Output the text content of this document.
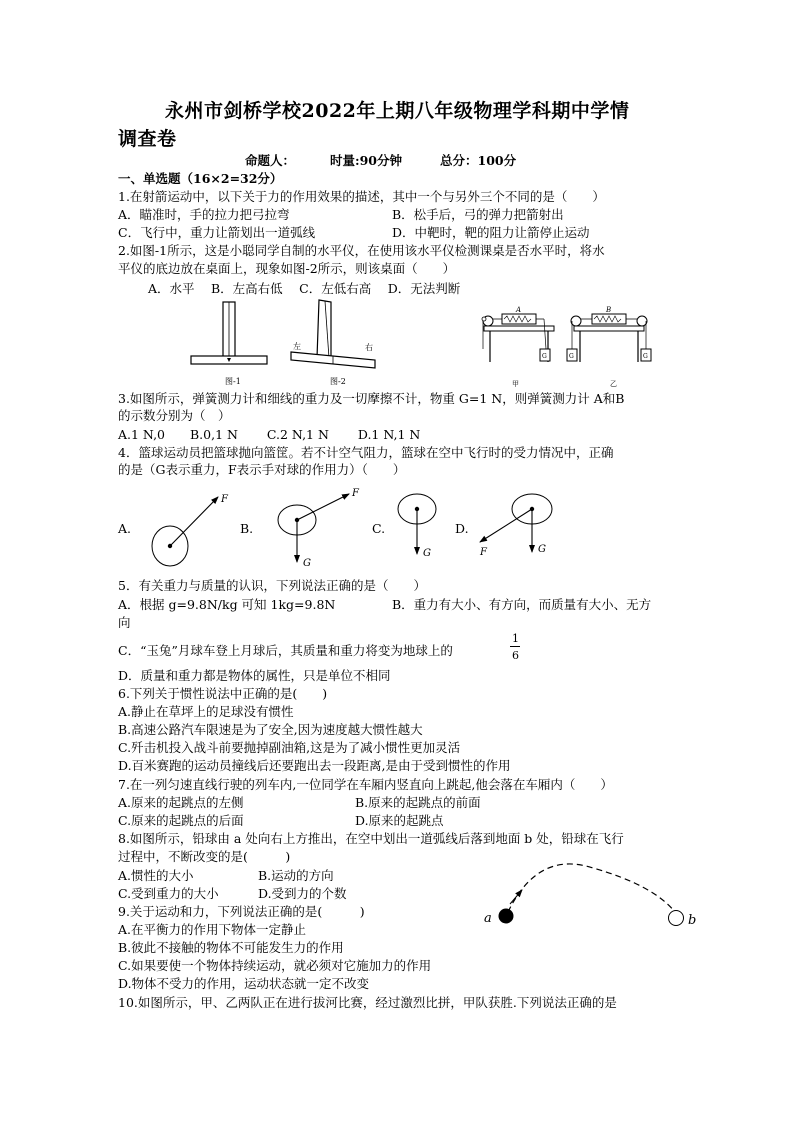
永州市剑桥学校2022年上期八年级物理学科期中学情
调查卷
命题人：	时量:90分钟	总分：100分
一、单选题（16×2=32分）
1.在射箭运动中，以下关于力的作用效果的描述，其中一个与另外三个不同的是（　　）
A．瞄准时，手的拉力把弓拉弯	B．松手后，弓的弹力把箭射出
C．飞行中，重力让箭划出一道弧线	D．中靶时，靶的阻力让箭停止运动
2.如图-1所示，这是小聪同学自制的水平仪，在使用该水平仪检测课桌是否水平时，将水
平仪的底边放在桌面上，现象如图-2所示，则该桌面（　　）
A．水平　 B．左高右低　 C．左低右高　 D．无法判断
图-1
左	右
图-2
A
G
甲
B
G	G
乙
3.如图所示，弹簧测力计和细线的重力及一切摩擦不计，物重 G=1 N，则弹簧测力计 A和B
的示数分别为（　）
A.1 N,0　　B.0,1 N　　 C.2 N,1 N　　 D.1 N,1 N
4．篮球运动员把篮球抛向篮筐。若不计空气阻力，篮球在空中飞行时的受力情况中，正确
的是（G表示重力，F表示手对球的作用力）（　　）
A.	B.	C.	D.
F
F
G
G	G
F
5．有关重力与质量的认识，下列说法正确的是（　　）
A．根据 g=9.8N/kg 可知 1kg=9.8N	B．重力有大小、有方向，而质量有大小、无方
向
C．“玉兔”月球车登上月球后，其质量和重力将变为地球上的
1
6
D．质量和重力都是物体的属性，只是单位不相同
6.下列关于惯性说法中正确的是(　　)
A.静止在草坪上的足球没有惯性
B.高速公路汽车限速是为了安全,因为速度越大惯性越大
C.歼击机投入战斗前要抛掉副油箱,这是为了减小惯性更加灵活
D.百米赛跑的运动员撞线后还要跑出去一段距离,是由于受到惯性的作用
7.在一列匀速直线行驶的列车内,一位同学在车厢内竖直向上跳起,他会落在车厢内（　　）
A.原来的起跳点的左侧	B.原来的起跳点的前面
C.原来的起跳点的后面	D.原来的起跳点
8.如图所示，铅球由 a 处向右上方推出，在空中划出一道弧线后落到地面 b 处，铅球在飞行
过程中，不断改变的是(　　　)
A.惯性的大小	B.运动的方向
C.受到重力的大小	D.受到力的个数
a	b
9.关于运动和力，下列说法正确的是(　　　)
A.在平衡力的作用下物体一定静止
B.彼此不接触的物体不可能发生力的作用
C.如果要使一个物体持续运动，就必须对它施加力的作用
D.物体不受力的作用，运动状态就一定不改变
10.如图所示，甲、乙两队正在进行拔河比赛，经过激烈比拼，甲队获胜.下列说法正确的是
